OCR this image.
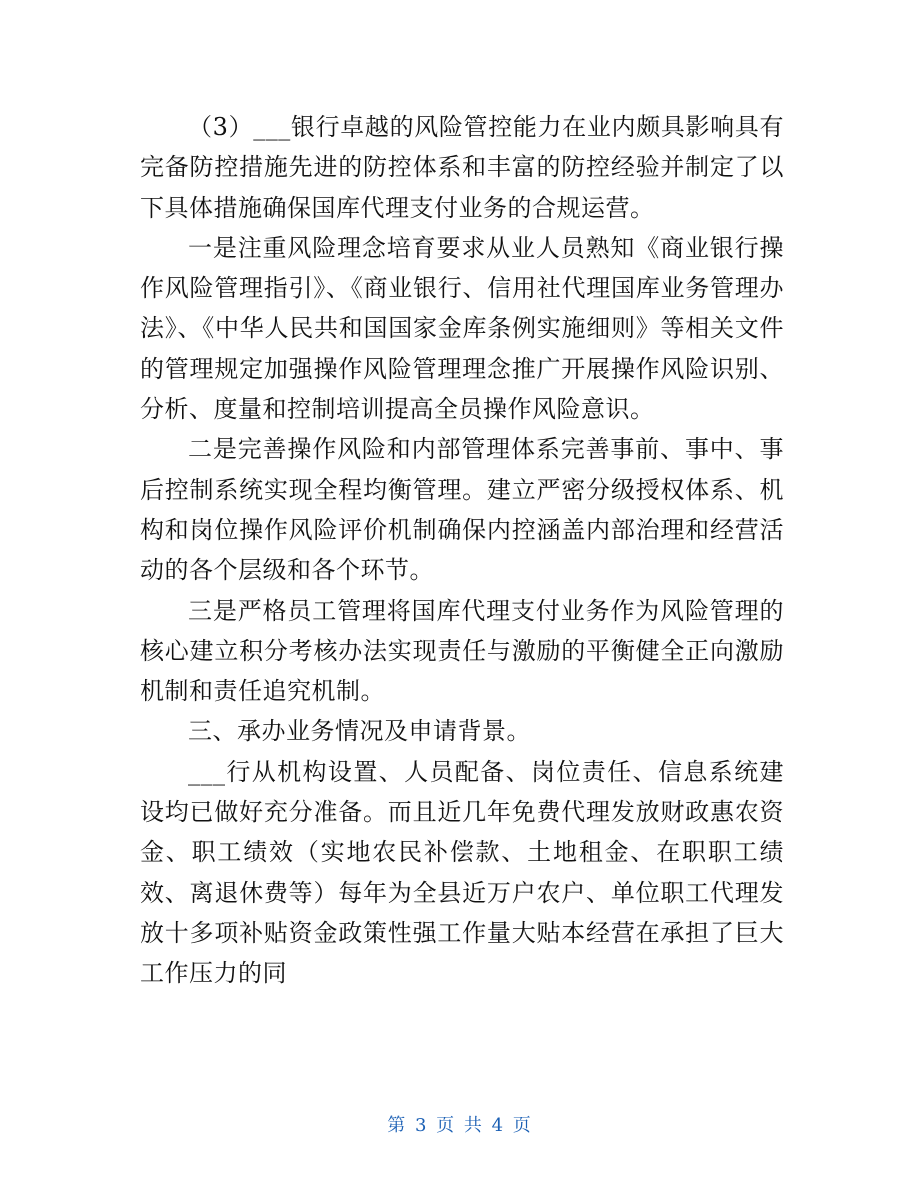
（3）___银行卓越的风险管控能力在业内颇具影响具有完备防控措施先进的防控体系和丰富的防控经验并制定了以下具体措施确保国库代理支付业务的合规运营。

一是注重风险理念培育要求从业人员熟知《商业银行操作风险管理指引》、《商业银行、信用社代理国库业务管理办法》、《中华人民共和国国家金库条例实施细则》等相关文件的管理规定加强操作风险管理理念推广开展操作风险识别、分析、度量和控制培训提高全员操作风险意识。

二是完善操作风险和内部管理体系完善事前、事中、事后控制系统实现全程均衡管理。建立严密分级授权体系、机构和岗位操作风险评价机制确保内控涵盖内部治理和经营活动的各个层级和各个环节。

三是严格员工管理将国库代理支付业务作为风险管理的核心建立积分考核办法实现责任与激励的平衡健全正向激励机制和责任追究机制。

三、承办业务情况及申请背景。

___行从机构设置、人员配备、岗位责任、信息系统建设均已做好充分准备。而且近几年免费代理发放财政惠农资金、职工绩效（实地农民补偿款、土地租金、在职职工绩效、离退休费等）每年为全县近万户农户、单位职工代理发放十多项补贴资金政策性强工作量大贴本经营在承担了巨大工作压力的同

第 3 页 共 4 页
